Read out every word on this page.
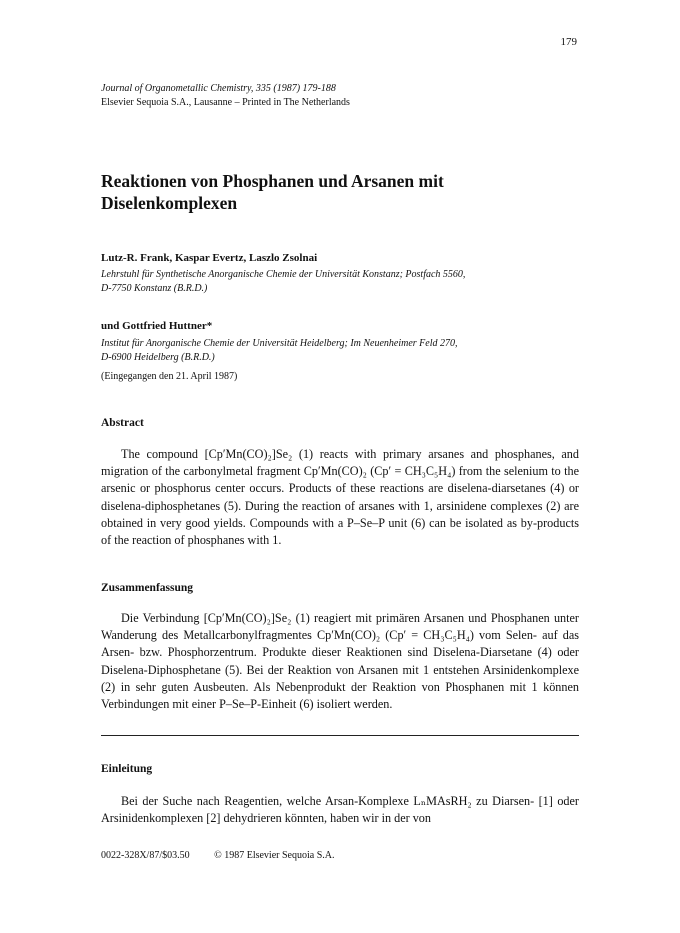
179
Journal of Organometallic Chemistry, 335 (1987) 179-188
Elsevier Sequoia S.A., Lausanne – Printed in The Netherlands
Reaktionen von Phosphanen und Arsanen mit Diselenkomplexen
Lutz-R. Frank, Kaspar Evertz, Laszlo Zsolnai
Lehrstuhl für Synthetische Anorganische Chemie der Universität Konstanz; Postfach 5560,
D-7750 Konstanz (B.R.D.)
und Gottfried Huttner*
Institut für Anorganische Chemie der Universität Heidelberg; Im Neuenheimer Feld 270,
D-6900 Heidelberg (B.R.D.)
(Eingegangen den 21. April 1987)
Abstract

The compound [Cp′Mn(CO)₂]Se₂ (1) reacts with primary arsanes and phosphanes, and migration of the carbonylmetal fragment Cp′Mn(CO)₂ (Cp′ = CH₃C₅H₄) from the selenium to the arsenic or phosphorus center occurs. Products of these reactions are diselena-diarsetanes (4) or diselena-diphosphetanes (5). During the reaction of arsanes with 1, arsinidene complexes (2) are obtained in very good yields. Compounds with a P–Se–P unit (6) can be isolated as by-products of the reaction of phosphanes with 1.

Zusammenfassung

Die Verbindung [Cp′Mn(CO)₂]Se₂ (1) reagiert mit primären Arsanen und Phosphanen unter Wanderung des Metallcarbonylfragmentes Cp′Mn(CO)₂ (Cp′ = CH₃C₅H₄) vom Selen- auf das Arsen- bzw. Phosphorzentrum. Produkte dieser Reaktionen sind Diselena-Diarsetane (4) oder Diselena-Diphosphetane (5). Bei der Reaktion von Arsanen mit 1 entstehen Arsinidenkomplexe (2) in sehr guten Ausbeuten. Als Nebenprodukt der Reaktion von Phosphanen mit 1 können Verbindungen mit einer P–Se–P-Einheit (6) isoliert werden.

Einleitung

Bei der Suche nach Reagentien, welche Arsan-Komplexe LₙMAsRH₂ zu Diarsen- [1] oder Arsinidenkomplexen [2] dehydrieren könnten, haben wir in der von

0022-328X/87/$03.50 © 1987 Elsevier Sequoia S.A.
